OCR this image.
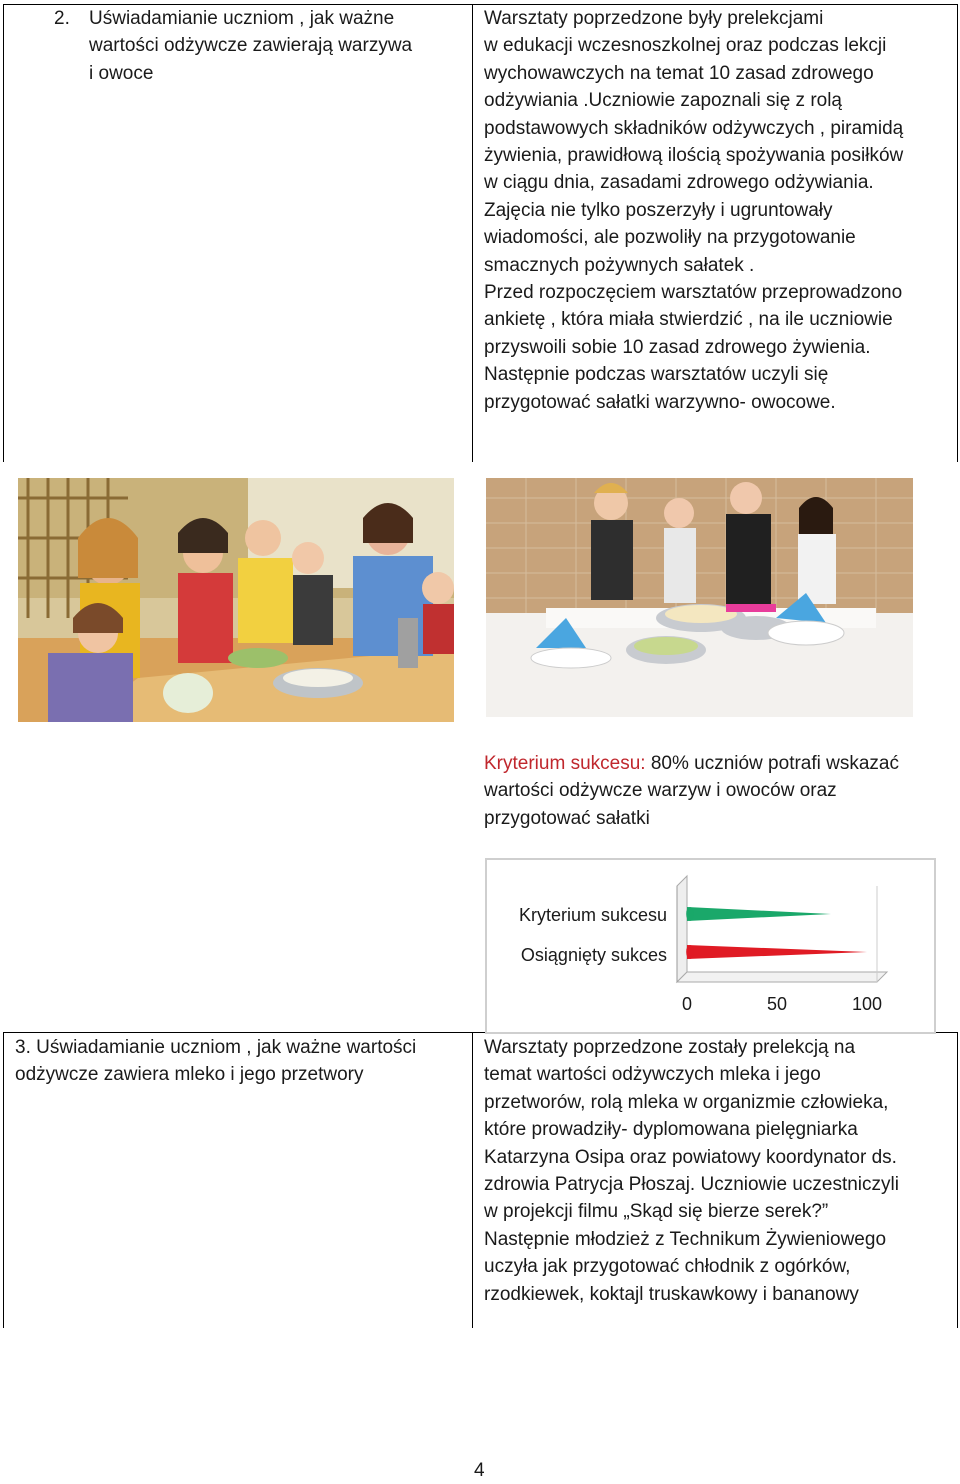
2. Uświadamianie uczniom , jak ważne
wartości odżywcze zawierają warzywa
i owoce
Warsztaty poprzedzone były prelekcjami
w edukacji wczesnoszkolnej oraz podczas lekcji
wychowawczych na temat 10 zasad zdrowego
odżywiania .Uczniowie zapoznali się z rolą
podstawowych składników odżywczych , piramidą
żywienia, prawidłową ilością spożywania posiłków
w ciągu dnia, zasadami zdrowego odżywiania.
Zajęcia nie tylko poszerzyły i ugruntowały
wiadomości, ale pozwoliły na przygotowanie
smacznych pożywnych sałatek .
Przed rozpoczęciem warsztatów przeprowadzono
ankietę , która miała stwierdzić , na ile uczniowie
przyswoili sobie 10 zasad zdrowego żywienia.
Następnie podczas warsztatów uczyli się
przygotować sałatki warzywno- owocowe.
Kryterium sukcesu: 80% uczniów potrafi wskazać
wartości odżywcze warzyw i owoców oraz
przygotować sałatki
Kryterium sukcesu
Osiągnięty sukces
0	50	100
3. Uświadamianie uczniom , jak ważne wartości
odżywcze zawiera mleko i jego przetwory
Warsztaty poprzedzone zostały prelekcją na
temat wartości odżywczych mleka i jego
przetworów, rolą mleka w organizmie człowieka,
które prowadziły- dyplomowana pielęgniarka
Katarzyna Osipa oraz powiatowy koordynator ds.
zdrowia Patrycja Płoszaj. Uczniowie uczestniczyli
w projekcji filmu „Skąd się bierze serek?”
Następnie młodzież z Technikum Żywieniowego
uczyła jak przygotować chłodnik z ogórków,
rzodkiewek, koktajl truskawkowy i bananowy
4
